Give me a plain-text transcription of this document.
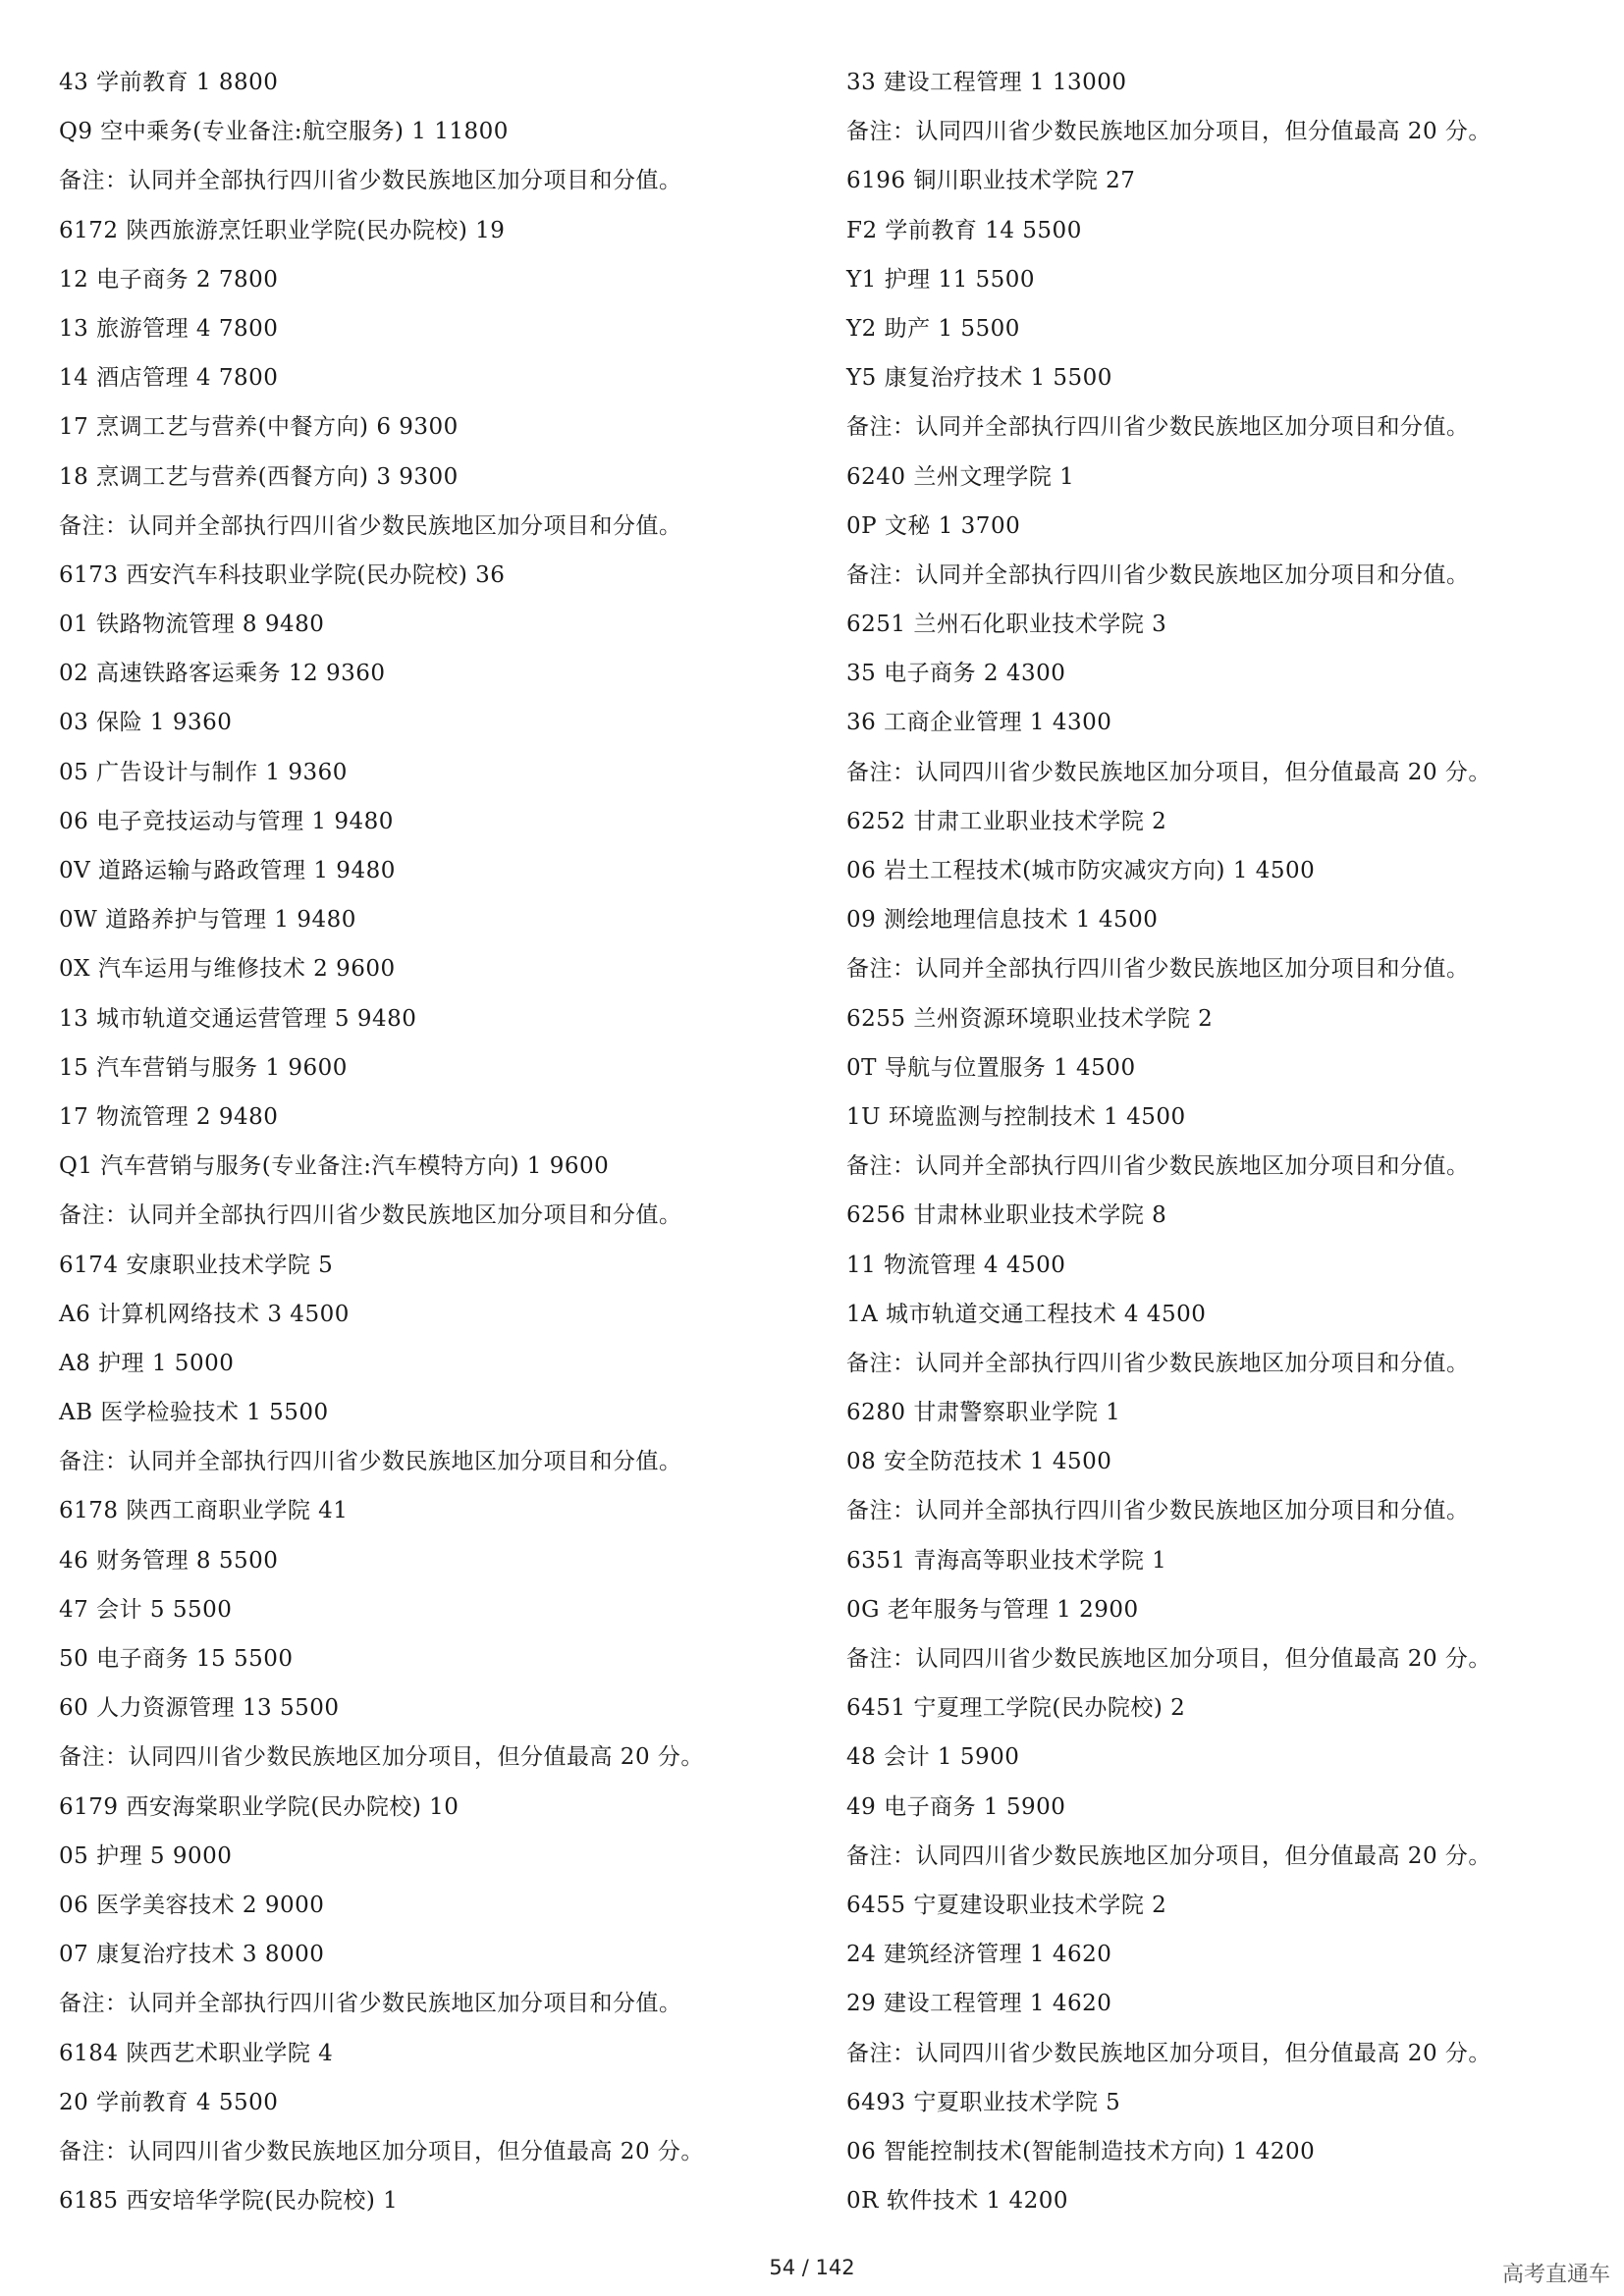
43 学前教育 1 8800
Q9 空中乘务(专业备注:航空服务) 1 11800
备注：认同并全部执行四川省少数民族地区加分项目和分值。
6172 陕西旅游烹饪职业学院(民办院校) 19
12 电子商务 2 7800
13 旅游管理 4 7800
14 酒店管理 4 7800
17 烹调工艺与营养(中餐方向) 6 9300
18 烹调工艺与营养(西餐方向) 3 9300
备注：认同并全部执行四川省少数民族地区加分项目和分值。
6173 西安汽车科技职业学院(民办院校) 36
01 铁路物流管理 8 9480
02 高速铁路客运乘务 12 9360
03 保险 1 9360
05 广告设计与制作 1 9360
06 电子竞技运动与管理 1 9480
0V 道路运输与路政管理 1 9480
0W 道路养护与管理 1 9480
0X 汽车运用与维修技术 2 9600
13 城市轨道交通运营管理 5 9480
15 汽车营销与服务 1 9600
17 物流管理 2 9480
Q1 汽车营销与服务(专业备注:汽车模特方向) 1 9600
备注：认同并全部执行四川省少数民族地区加分项目和分值。
6174 安康职业技术学院 5
A6 计算机网络技术 3 4500
A8 护理 1 5000
AB 医学检验技术 1 5500
备注：认同并全部执行四川省少数民族地区加分项目和分值。
6178 陕西工商职业学院 41
46 财务管理 8 5500
47 会计 5 5500
50 电子商务 15 5500
60 人力资源管理 13 5500
备注：认同四川省少数民族地区加分项目，但分值最高 20 分。
6179 西安海棠职业学院(民办院校) 10
05 护理 5 9000
06 医学美容技术 2 9000
07 康复治疗技术 3 8000
备注：认同并全部执行四川省少数民族地区加分项目和分值。
6184 陕西艺术职业学院 4
20 学前教育 4 5500
备注：认同四川省少数民族地区加分项目，但分值最高 20 分。
6185 西安培华学院(民办院校) 1
33 建设工程管理 1 13000
备注：认同四川省少数民族地区加分项目，但分值最高 20 分。
6196 铜川职业技术学院 27
F2 学前教育 14 5500
Y1 护理 11 5500
Y2 助产 1 5500
Y5 康复治疗技术 1 5500
备注：认同并全部执行四川省少数民族地区加分项目和分值。
6240 兰州文理学院 1
0P 文秘 1 3700
备注：认同并全部执行四川省少数民族地区加分项目和分值。
6251 兰州石化职业技术学院 3
35 电子商务 2 4300
36 工商企业管理 1 4300
备注：认同四川省少数民族地区加分项目，但分值最高 20 分。
6252 甘肃工业职业技术学院 2
06 岩土工程技术(城市防灾减灾方向) 1 4500
09 测绘地理信息技术 1 4500
备注：认同并全部执行四川省少数民族地区加分项目和分值。
6255 兰州资源环境职业技术学院 2
0T 导航与位置服务 1 4500
1U 环境监测与控制技术 1 4500
备注：认同并全部执行四川省少数民族地区加分项目和分值。
6256 甘肃林业职业技术学院 8
11 物流管理 4 4500
1A 城市轨道交通工程技术 4 4500
备注：认同并全部执行四川省少数民族地区加分项目和分值。
6280 甘肃警察职业学院 1
08 安全防范技术 1 4500
备注：认同并全部执行四川省少数民族地区加分项目和分值。
6351 青海高等职业技术学院 1
0G 老年服务与管理 1 2900
备注：认同四川省少数民族地区加分项目，但分值最高 20 分。
6451 宁夏理工学院(民办院校) 2
48 会计 1 5900
49 电子商务 1 5900
备注：认同四川省少数民族地区加分项目，但分值最高 20 分。
6455 宁夏建设职业技术学院 2
24 建筑经济管理 1 4620
29 建设工程管理 1 4620
备注：认同四川省少数民族地区加分项目，但分值最高 20 分。
6493 宁夏职业技术学院 5
06 智能控制技术(智能制造技术方向) 1 4200
0R 软件技术 1 4200
54 / 142	高考直通车
